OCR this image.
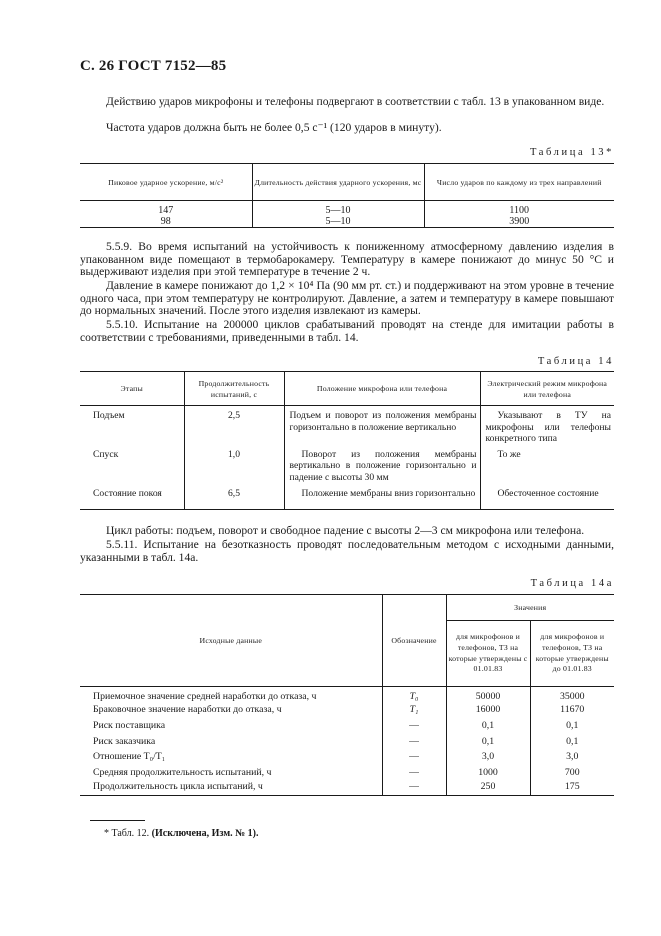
С. 26 ГОСТ 7152—85

Действию ударов микрофоны и телефоны подвергают в соответствии с табл. 13 в упакованном виде.

Частота ударов должна быть не более 0,5 с⁻¹ (120 ударов в минуту).

Таблица 13*
Пиковое ударное ускорение, м/с²	Длительность действия ударного ускорения, мс	Число ударов по каждому из трех направлений
147	5—10	1100
98	5—10	3900

5.5.9. Во время испытаний на устойчивость к пониженному атмосферному давлению изделия в упакованном виде помещают в термобарокамеру. Температуру в камере понижают до минус 50 °С и выдерживают изделия при этой температуре в течение 2 ч.

Давление в камере понижают до 1,2 × 10⁴ Па (90 мм рт. ст.) и поддерживают на этом уровне в течение одного часа, при этом температуру не контролируют. Давление, а затем и температуру в камере повышают до нормальных значений. После этого изделия извлекают из камеры.

5.5.10. Испытание на 200000 циклов срабатываний проводят на стенде для имитации работы в соответствии с требованиями, приведенными в табл. 14.

Таблица 14
Этапы	Продолжительность испытаний, с	Положение микрофона или телефона	Электрический режим микрофона или телефона
Подъем	2,5	Подъем и поворот из положения мембраны горизонтально в положение вертикально	Указывают в ТУ на микрофоны или телефоны конкретного типа
Спуск	1,0	Поворот из положения мембраны вертикально в положение горизонтально и падение с высоты 30 мм	То же
Состояние покоя	6,5	Положение мембраны вниз горизонтально	Обесточенное состояние

Цикл работы: подъем, поворот и свободное падение с высоты 2—3 см микрофона или телефона.

5.5.11. Испытание на безотказность проводят последовательным методом с исходными данными, указанными в табл. 14а.

Таблица 14а
Исходные данные	Обозначение	Значения	
		для микрофонов и телефонов, ТЗ на которые утверждены с 01.01.83	для микрофонов и телефонов, ТЗ на которые утверждены до 01.01.83
Приемочное значение средней наработки до отказа, ч	T₀	50000	35000
Браковочное значение наработки до отказа, ч	T₁	16000	11670
Риск поставщика	—	0,1	0,1
Риск заказчика	—	0,1	0,1
Отношение T₀/T₁	—	3,0	3,0
Средняя продолжительность испытаний, ч	—	1000	700
Продолжительность цикла испытаний, ч	—	250	175
* Табл. 12. (Исключена, Изм. № 1).
